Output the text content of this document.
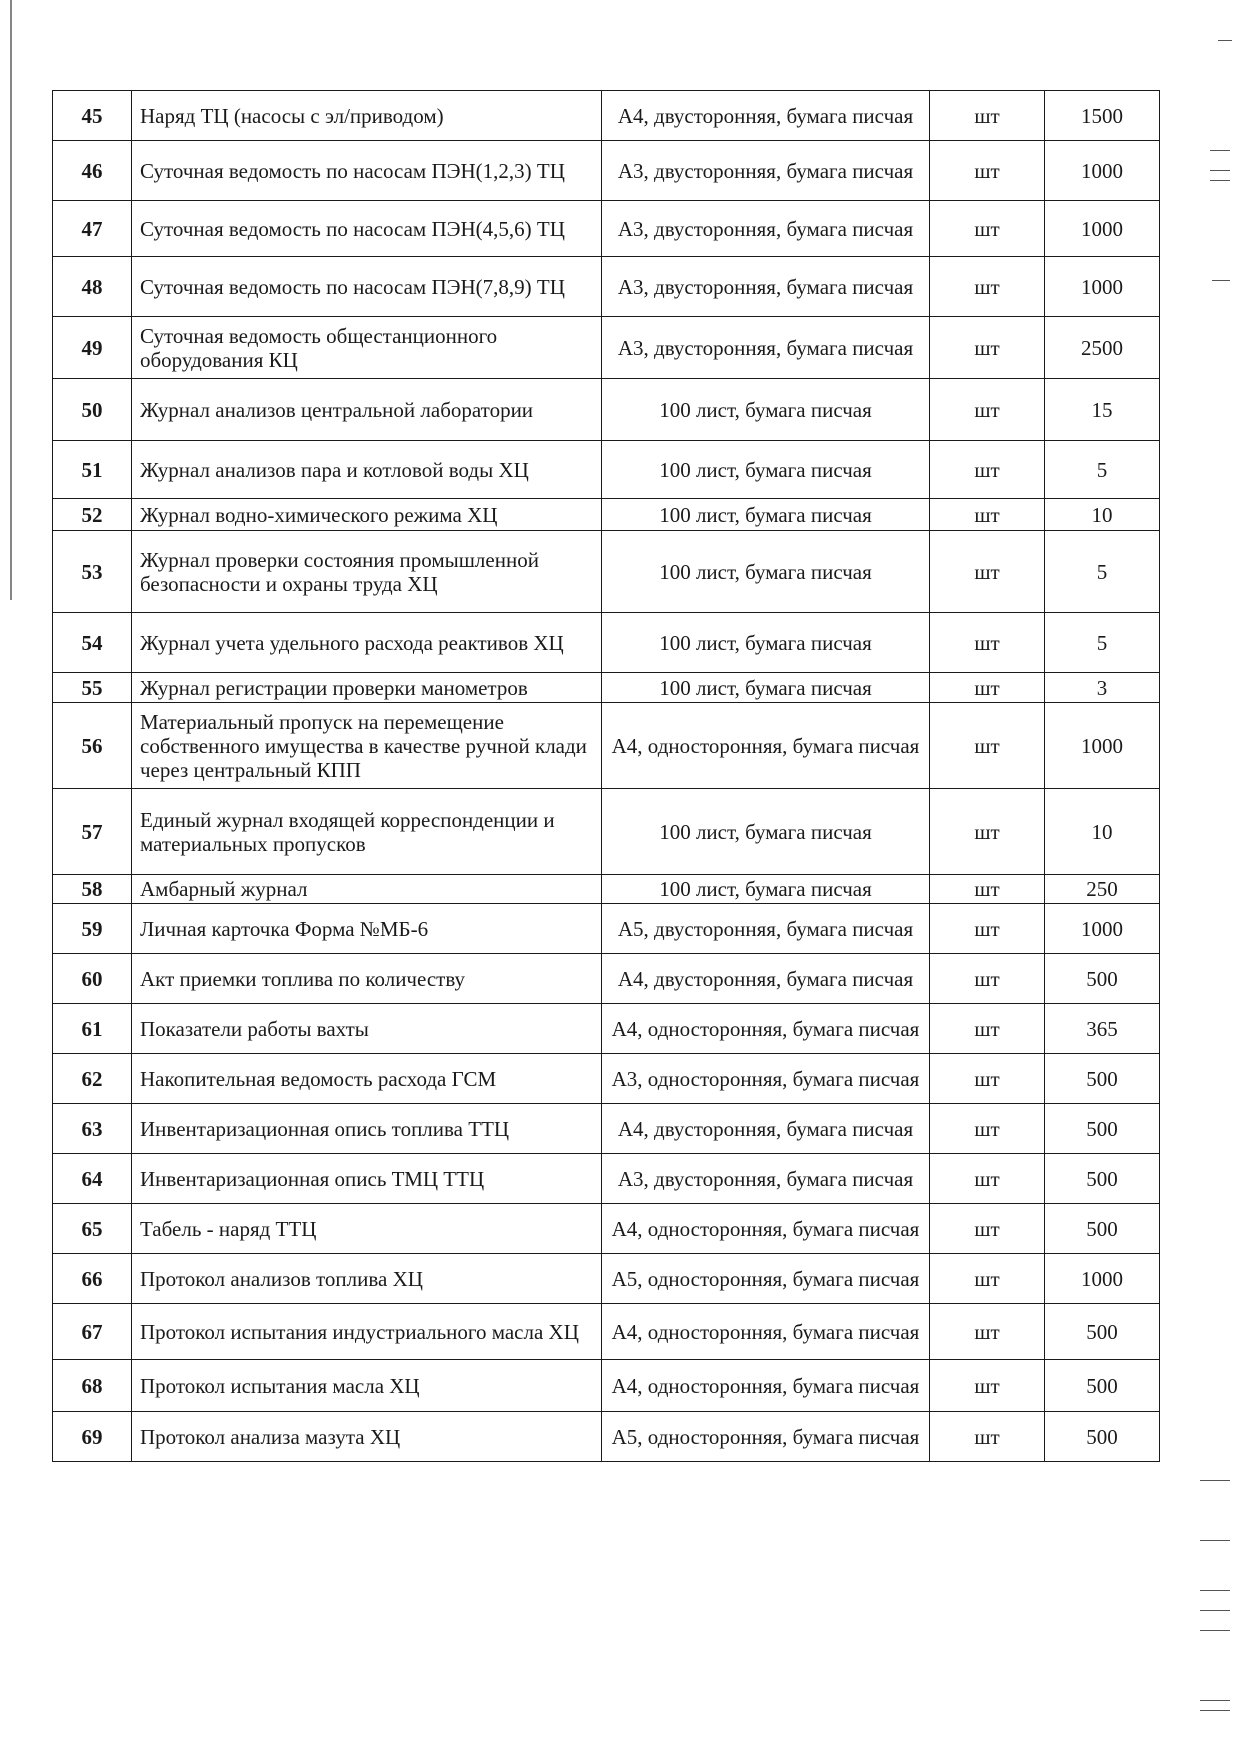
45	Наряд ТЦ (насосы с эл/приводом)	А4, двусторонняя, бумага писчая	шт	1500
46	Суточная ведомость по насосам ПЭН(1,2,3) ТЦ	А3, двусторонняя, бумага писчая	шт	1000
47	Суточная ведомость по насосам ПЭН(4,5,6) ТЦ	А3, двусторонняя, бумага писчая	шт	1000
48	Суточная ведомость по насосам ПЭН(7,8,9) ТЦ	А3, двусторонняя, бумага писчая	шт	1000
49	Суточная ведомость общестанционного оборудования КЦ	А3, двусторонняя, бумага писчая	шт	2500
50	Журнал анализов центральной лаборатории	100 лист, бумага писчая	шт	15
51	Журнал анализов пара и котловой воды ХЦ	100 лист, бумага писчая	шт	5
52	Журнал водно-химического режима ХЦ	100 лист, бумага писчая	шт	10
53	Журнал проверки состояния промышленной безопасности и охраны труда ХЦ	100 лист, бумага писчая	шт	5
54	Журнал учета удельного расхода реактивов ХЦ	100 лист, бумага писчая	шт	5
55	Журнал регистрации проверки манометров	100 лист, бумага писчая	шт	3
56	Материальный пропуск на перемещение собственного имущества в качестве ручной клади через центральный КПП	А4, односторонняя, бумага писчая	шт	1000
57	Единый журнал входящей корреспонденции и материальных пропусков	100 лист, бумага писчая	шт	10
58	Амбарный журнал	100 лист, бумага писчая	шт	250
59	Личная карточка Форма №МБ-6	А5, двусторонняя, бумага писчая	шт	1000
60	Акт приемки топлива по количеству	А4, двусторонняя, бумага писчая	шт	500
61	Показатели работы вахты	А4, односторонняя, бумага писчая	шт	365
62	Накопительная ведомость расхода ГСМ	А3, односторонняя, бумага писчая	шт	500
63	Инвентаризационная опись топлива ТТЦ	А4, двусторонняя, бумага писчая	шт	500
64	Инвентаризационная опись ТМЦ ТТЦ	А3, двусторонняя, бумага писчая	шт	500
65	Табель - наряд ТТЦ	А4, односторонняя, бумага писчая	шт	500
66	Протокол анализов топлива ХЦ	А5, односторонняя, бумага писчая	шт	1000
67	Протокол испытания индустриального масла ХЦ	А4, односторонняя, бумага писчая	шт	500
68	Протокол испытания масла ХЦ	А4, односторонняя, бумага писчая	шт	500
69	Протокол анализа мазута ХЦ	А5, односторонняя, бумага писчая	шт	500
